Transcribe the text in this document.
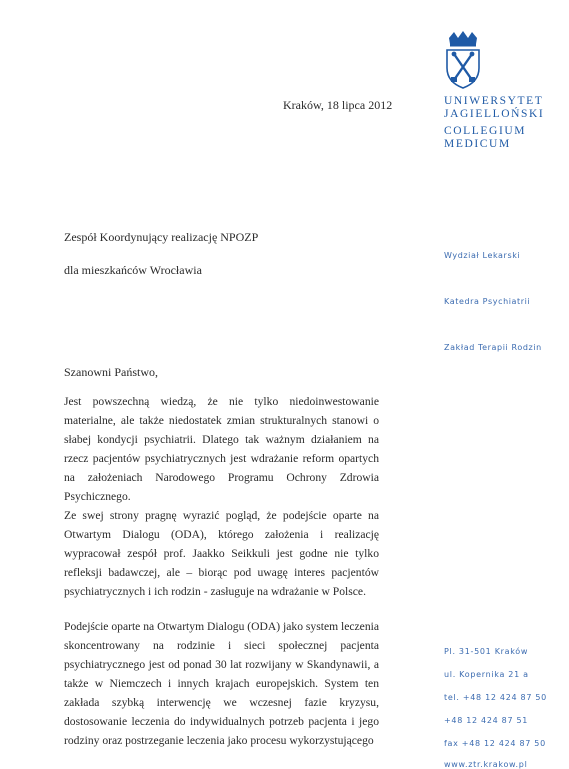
UNIWERSYTET
JAGIELLOŃSKI
COLLEGIUM
MEDICUM
Kraków, 18 lipca 2012
Zespół Koordynujący realizację NPOZP
dla mieszkańców Wrocławia
Wydział Lekarski
Katedra Psychiatrii
Zakład Terapii Rodzin
Szanowni Państwo,
Jest powszechną wiedzą, że nie tylko niedoinwestowanie materialne, ale także niedostatek zmian strukturalnych stanowi o słabej kondycji psychiatrii. Dlatego tak ważnym działaniem na rzecz pacjentów psychiatrycznych jest wdrażanie reform opartych na założeniach Narodowego Programu Ochrony Zdrowia Psychicznego.
Ze swej strony pragnę wyrazić pogląd, że podejście oparte na Otwartym Dialogu (ODA), którego założenia i realizację wypracował zespół prof. Jaakko Seikkuli jest godne nie tylko refleksji badawczej, ale – biorąc pod uwagę interes pacjentów psychiatrycznych i ich rodzin - zasługuje na wdrażanie w Polsce.
Podejście oparte na Otwartym Dialogu (ODA) jako system leczenia skoncentrowany na rodzinie i sieci społecznej pacjenta psychiatrycznego jest od ponad 30 lat rozwijany w Skandynawii, a także w Niemczech i innych krajach europejskich. System ten zakłada szybką interwencję we wczesnej fazie kryzysu, dostosowanie leczenia do indywidualnych potrzeb pacjenta i jego rodziny oraz postrzeganie leczenia jako procesu wykorzystującego
Pl. 31-501 Kraków
ul. Kopernika 21 a
tel. +48 12 424 87 50
+48 12 424 87 51
fax +48 12 424 87 50
www.ztr.krakow.pl
